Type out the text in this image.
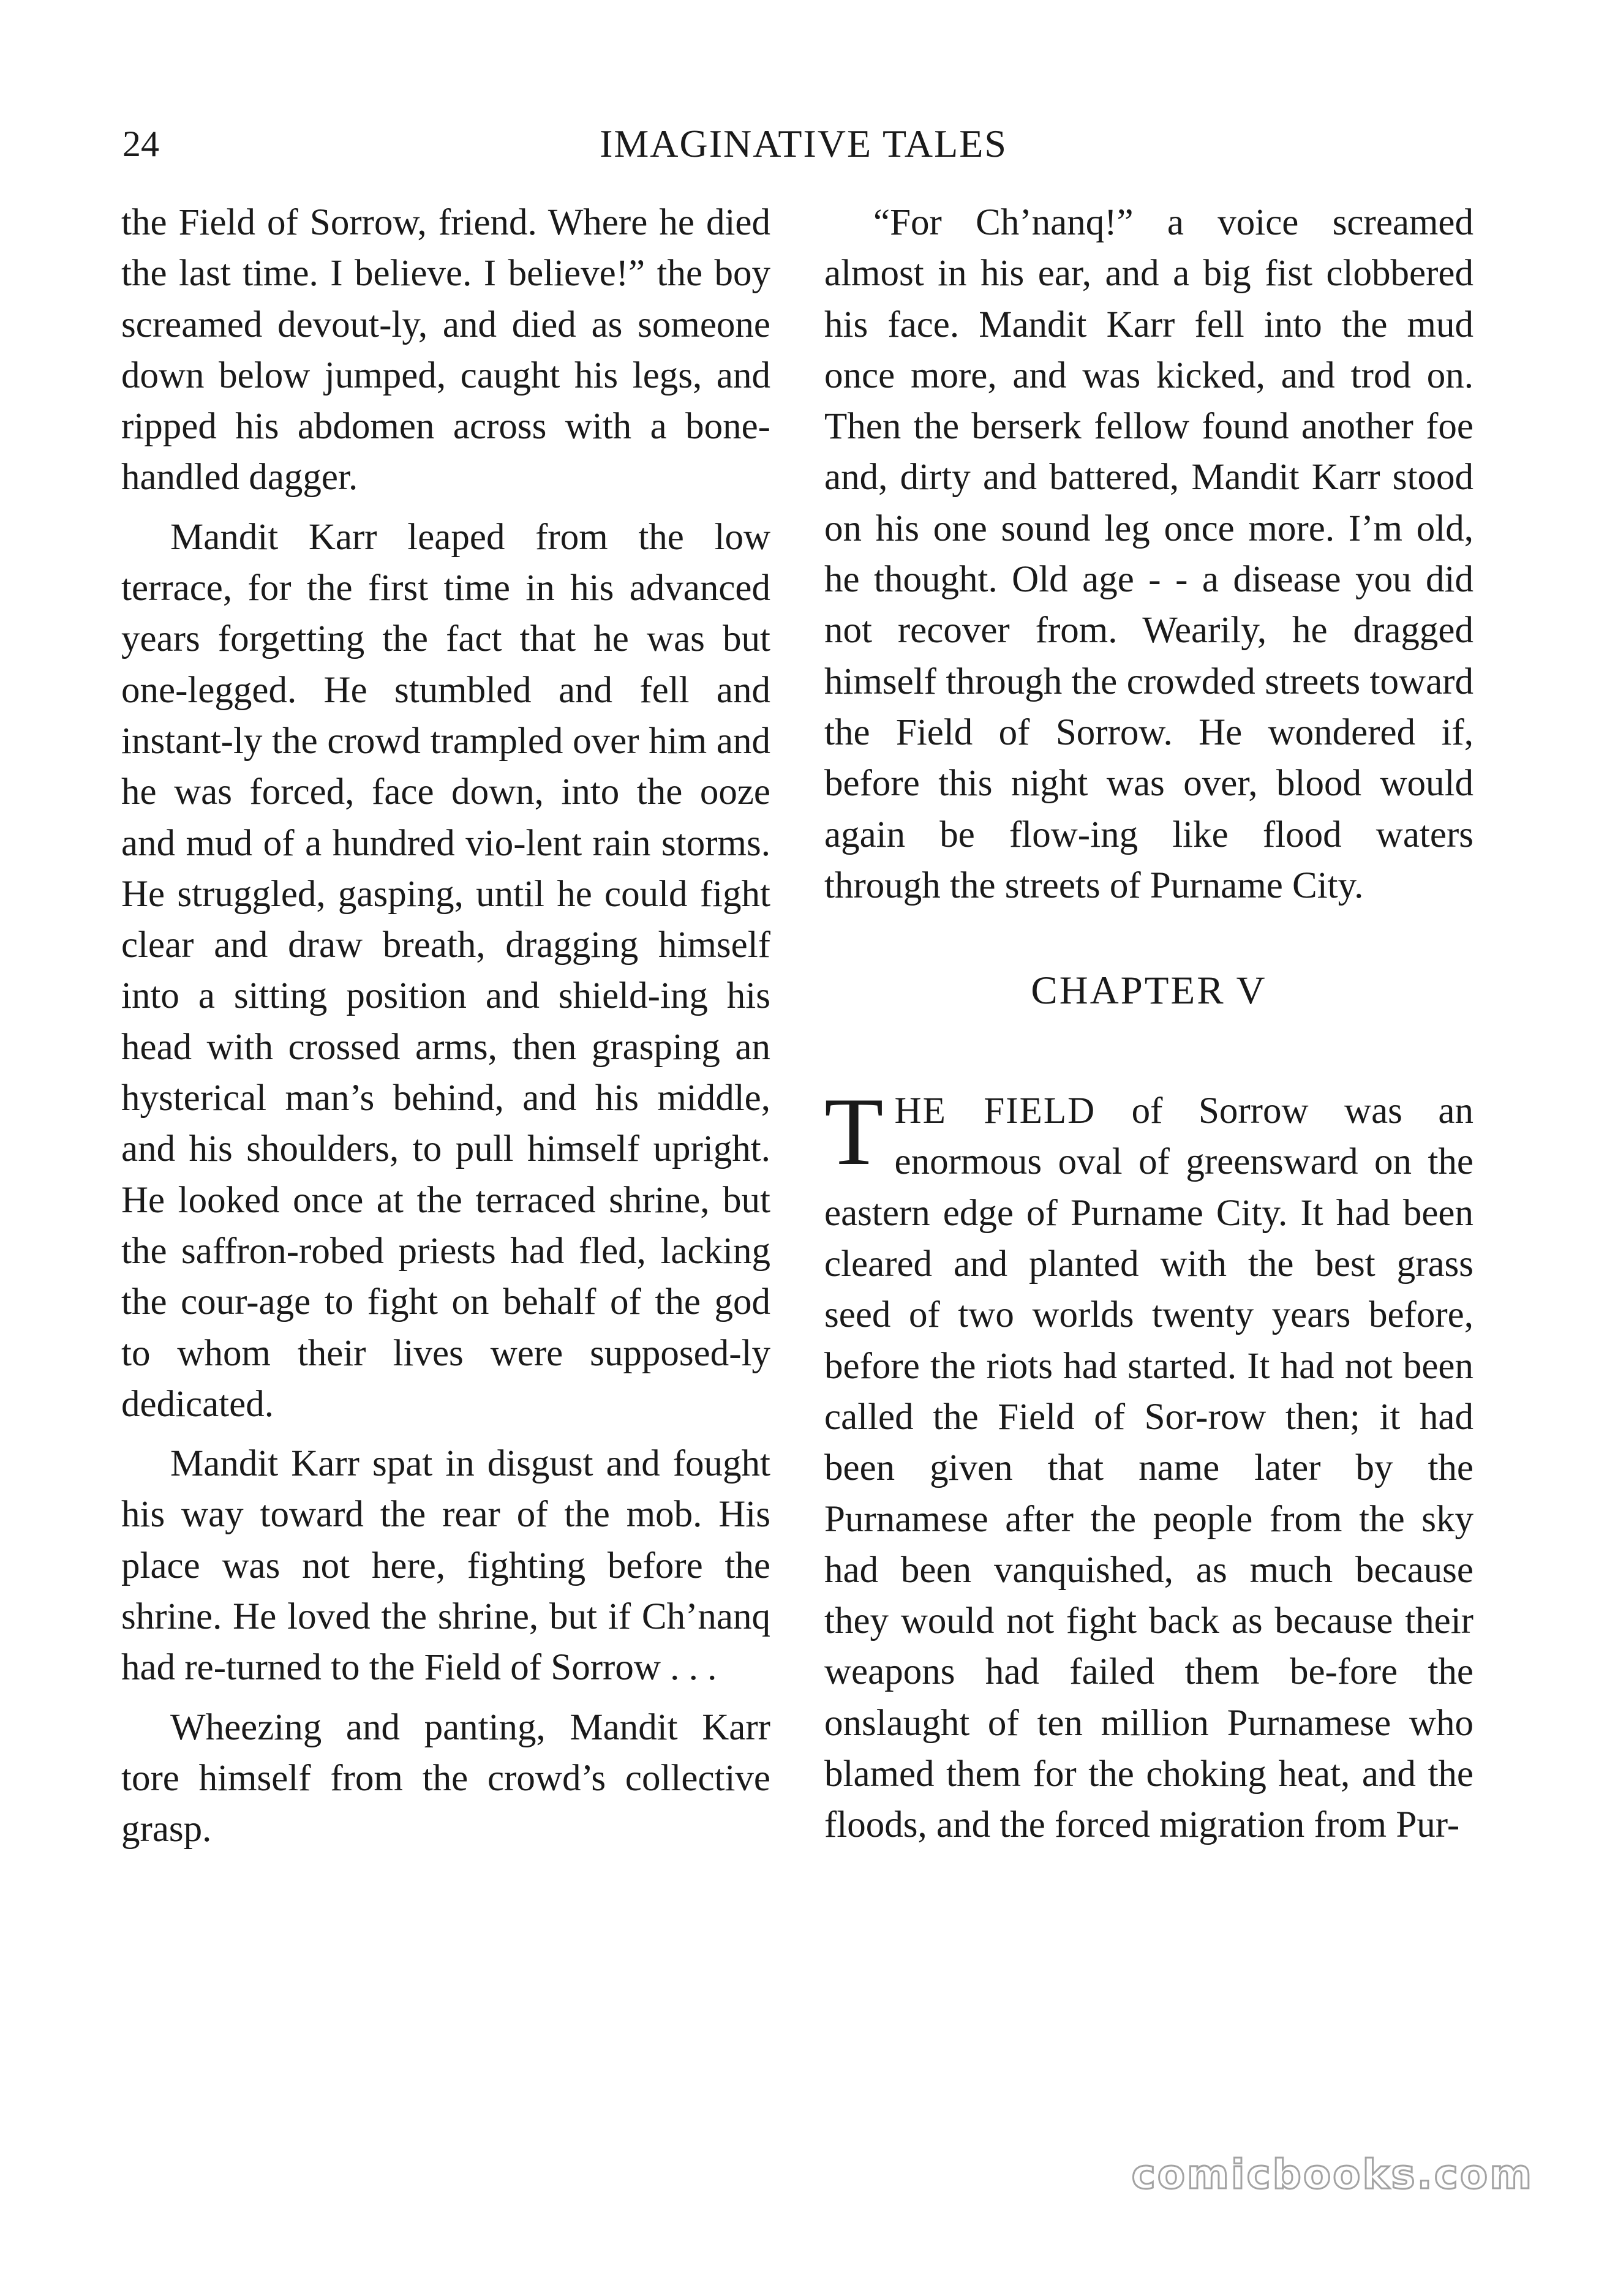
24	IMAGINATIVE TALES

the Field of Sorrow, friend. Where he died the last time. I believe. I believe!” the boy screamed devout-ly, and died as someone down below jumped, caught his legs, and ripped his abdomen across with a bone-handled dagger.

Mandit Karr leaped from the low terrace, for the first time in his advanced years forgetting the fact that he was but one-legged. He stumbled and fell and instant-ly the crowd trampled over him and he was forced, face down, into the ooze and mud of a hundred vio-lent rain storms. He struggled, gasping, until he could fight clear and draw breath, dragging himself into a sitting position and shield-ing his head with crossed arms, then grasping an hysterical man’s behind, and his middle, and his shoulders, to pull himself upright. He looked once at the terraced shrine, but the saffron-robed priests had fled, lacking the cour-age to fight on behalf of the god to whom their lives were supposed-ly dedicated.

Mandit Karr spat in disgust and fought his way toward the rear of the mob. His place was not here, fighting before the shrine. He loved the shrine, but if Ch’nanq had re-turned to the Field of Sorrow . . .

Wheezing and panting, Mandit Karr tore himself from the crowd’s collective grasp.

“For Ch’nanq!” a voice screamed almost in his ear, and a big fist clobbered his face. Mandit Karr fell into the mud once more, and was kicked, and trod on. Then the berserk fellow found another foe and, dirty and battered, Mandit Karr stood on his one sound leg once more. I’m old, he thought. Old age - - a disease you did not recover from. Wearily, he dragged himself through the crowded streets toward the Field of Sorrow. He wondered if, before this night was over, blood would again be flow-ing like flood waters through the streets of Purname City.

CHAPTER V

THE FIELD of Sorrow was an enormous oval of greensward on the eastern edge of Purname City. It had been cleared and planted with the best grass seed of two worlds twenty years before, before the riots had started. It had not been called the Field of Sor-row then; it had been given that name later by the Purnamese after the people from the sky had been vanquished, as much because they would not fight back as because their weapons had failed them be-fore the onslaught of ten million Purnamese who blamed them for the choking heat, and the floods, and the forced migration from Pur-

comicbooks.com
